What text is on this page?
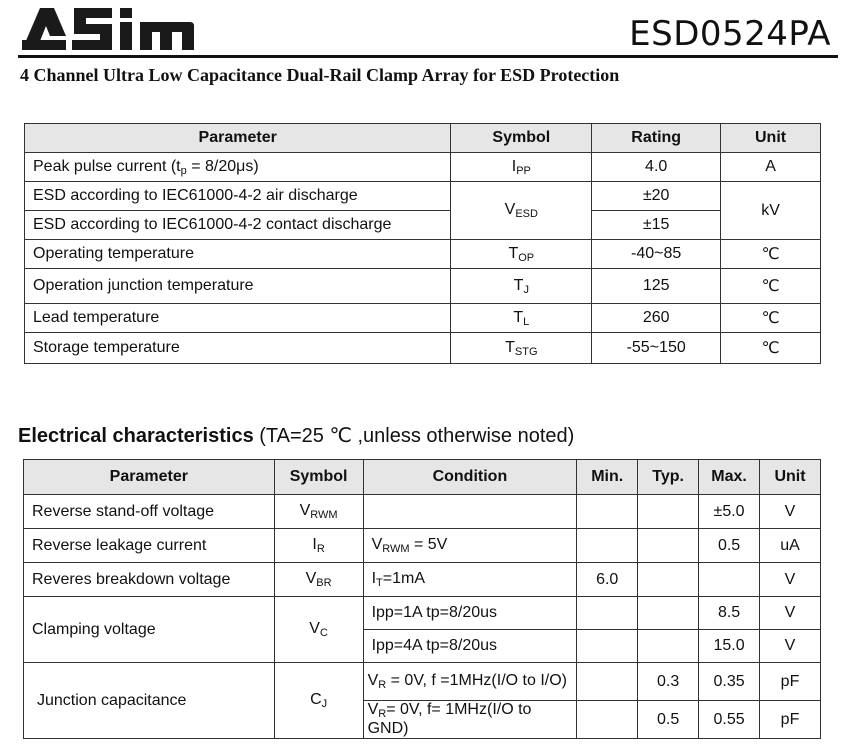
ESD0524PA
4 Channel Ultra Low Capacitance Dual-Rail Clamp Array for ESD Protection
Parameter	Symbol	Rating	Unit
Peak pulse current $(t_p = 8/20\mu s)$	$I_{PP}$	4.0	A
ESD according to IEC61000-4-2 air discharge	$V_{ESD}$	±20	kV
ESD according to IEC61000-4-2 contact discharge		±15	
Operating temperature	$T_{OP}$	-40~85	℃
Operation junction temperature	$T_J$	125	℃
Lead temperature	$T_L$	260	℃
Storage temperature	$T_{STG}$	-55~150	℃
Electrical characteristics (TA=25 ℃ ,unless otherwise noted)
Parameter	Symbol	Condition	Min.	Typ.	Max.	Unit
Reverse stand-off voltage	$V_{RWM}$				±5.0	V
Reverse leakage current	$I_R$	$V_{RWM} = 5V$			0.5	uA
Reveres breakdown voltage	$V_{BR}$	$I_T=1mA$	6.0			V
Clamping voltage	$V_C$	Ipp=1A tp=8/20us			8.5	V
		Ipp=4A tp=8/20us			15.0	V
Junction capacitance	$C_J$	$V_R = 0V$, f =1MHz(I/O to I/O)		0.3	0.35	pF
		$V_R= 0V$, f= 1MHz(I/O to GND)		0.5	0.55	pF
